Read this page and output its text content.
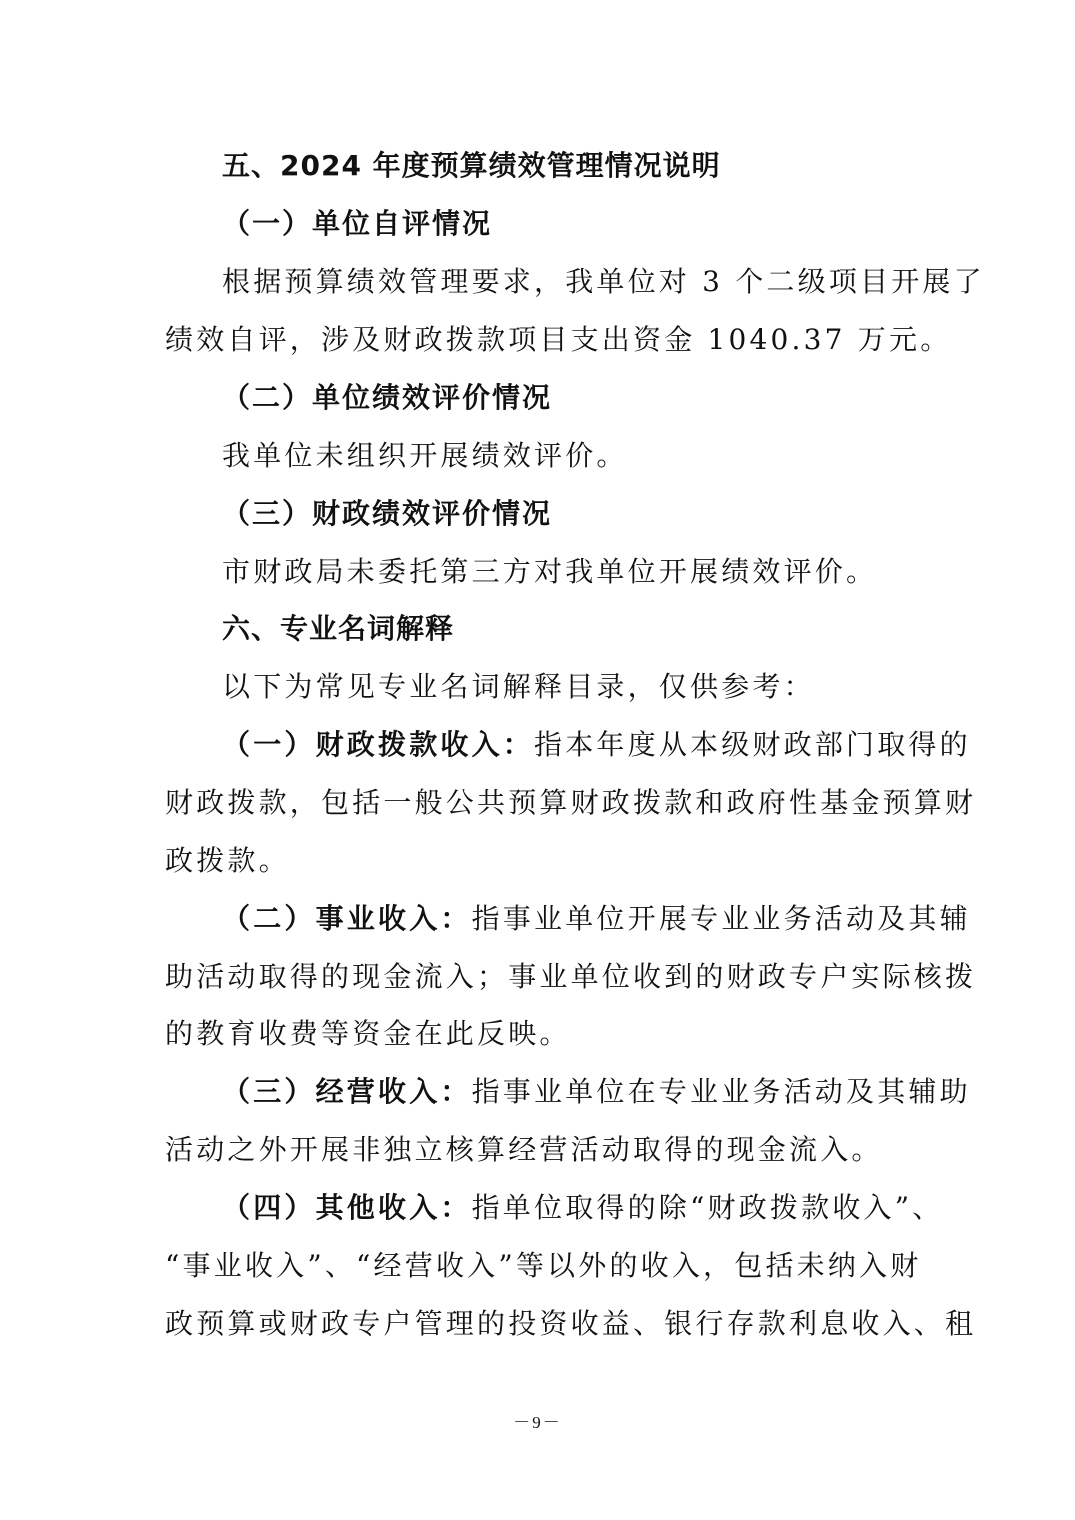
五、2024 年度预算绩效管理情况说明
（一）单位自评情况
根据预算绩效管理要求，我单位对 3 个二级项目开展了
绩效自评，涉及财政拨款项目支出资金 1040.37 万元。
（二）单位绩效评价情况
我单位未组织开展绩效评价。
（三）财政绩效评价情况
市财政局未委托第三方对我单位开展绩效评价。
六、专业名词解释
以下为常见专业名词解释目录，仅供参考：
（一）财政拨款收入：指本年度从本级财政部门取得的
财政拨款，包括一般公共预算财政拨款和政府性基金预算财
政拨款。
（二）事业收入：指事业单位开展专业业务活动及其辅
助活动取得的现金流入；事业单位收到的财政专户实际核拨
的教育收费等资金在此反映。
（三）经营收入：指事业单位在专业业务活动及其辅助
活动之外开展非独立核算经营活动取得的现金流入。
（四）其他收入：指单位取得的除“财政拨款收入”、
“事业收入”、“经营收入”等以外的收入，包括未纳入财
政预算或财政专户管理的投资收益、银行存款利息收入、租
－9－
